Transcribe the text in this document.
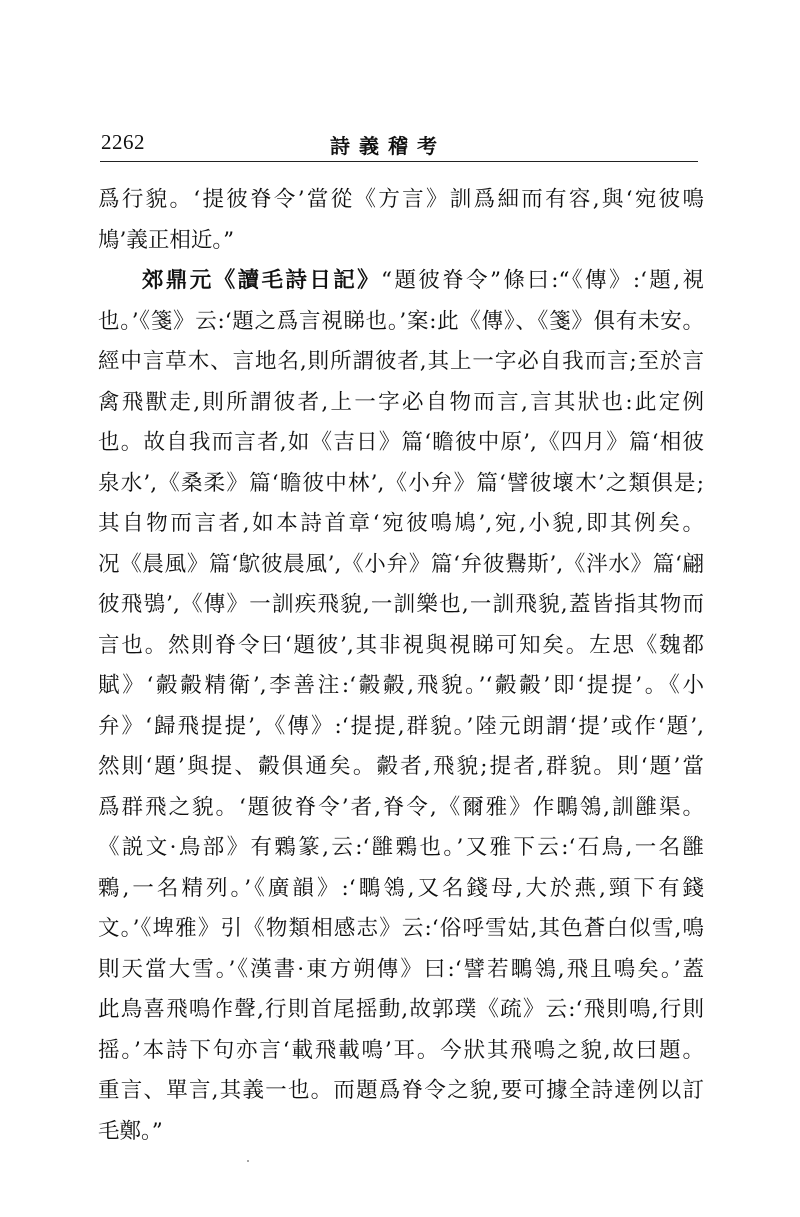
2262	詩義稽考
爲行貌。‘提彼脊令’當從《方言》訓爲細而有容,與‘宛彼鳴
鳩’義正相近。”
郊鼎元《讀毛詩日記》“題彼脊令”條曰:“《傳》:‘題,視
也。’《箋》云:‘題之爲言視睇也。’案:此《傳》、《箋》俱有未安。
經中言草木、言地名,則所謂彼者,其上一字必自我而言;至於言
禽飛獸走,則所謂彼者,上一字必自物而言,言其狀也:此定例
也。故自我而言者,如《吉日》篇‘瞻彼中原’,《四月》篇‘相彼
泉水’,《桑柔》篇‘瞻彼中林’,《小弁》篇‘譬彼壞木’之類俱是;
其自物而言者,如本詩首章‘宛彼鳴鳩’,宛,小貌,即其例矣。
况《晨風》篇‘鴥彼晨風’,《小弁》篇‘弁彼鸒斯’,《泮水》篇‘翩
彼飛鴞’,《傳》一訓疾飛貌,一訓樂也,一訓飛貌,蓋皆指其物而
言也。然則脊令曰‘題彼’,其非視與視睇可知矣。左思《魏都
賦》‘㲉㲉精衛’,李善注:‘㲉㲉,飛貌。’‘㲉㲉’即‘提提’。《小
弁》‘歸飛提提’,《傳》:‘提提,群貌。’陸元朗謂‘提’或作‘題’,
然則‘題’與提、㲉俱通矣。㲉者,飛貌;提者,群貌。則‘題’當
爲群飛之貌。‘題彼脊令’者,脊令,《爾雅》作䳭鴒,訓雝渠。
《説文·鳥部》有鷅篆,云:‘雝鷅也。’又雅下云:‘石鳥,一名雝
鷅,一名精列。’《廣韻》:‘䳭鴒,又名錢母,大於燕,頸下有錢
文。’《埤雅》引《物類相感志》云:‘俗呼雪姑,其色蒼白似雪,鳴
則天當大雪。’《漢書·東方朔傳》曰:‘譬若䳭鴒,飛且鳴矣。’蓋
此鳥喜飛鳴作聲,行則首尾摇動,故郭璞《疏》云:‘飛則鳴,行則
摇。’本詩下句亦言‘載飛載鳴’耳。今狀其飛鳴之貌,故曰題。
重言、單言,其義一也。而題爲脊令之貌,要可據全詩達例以訂
毛鄭。”
